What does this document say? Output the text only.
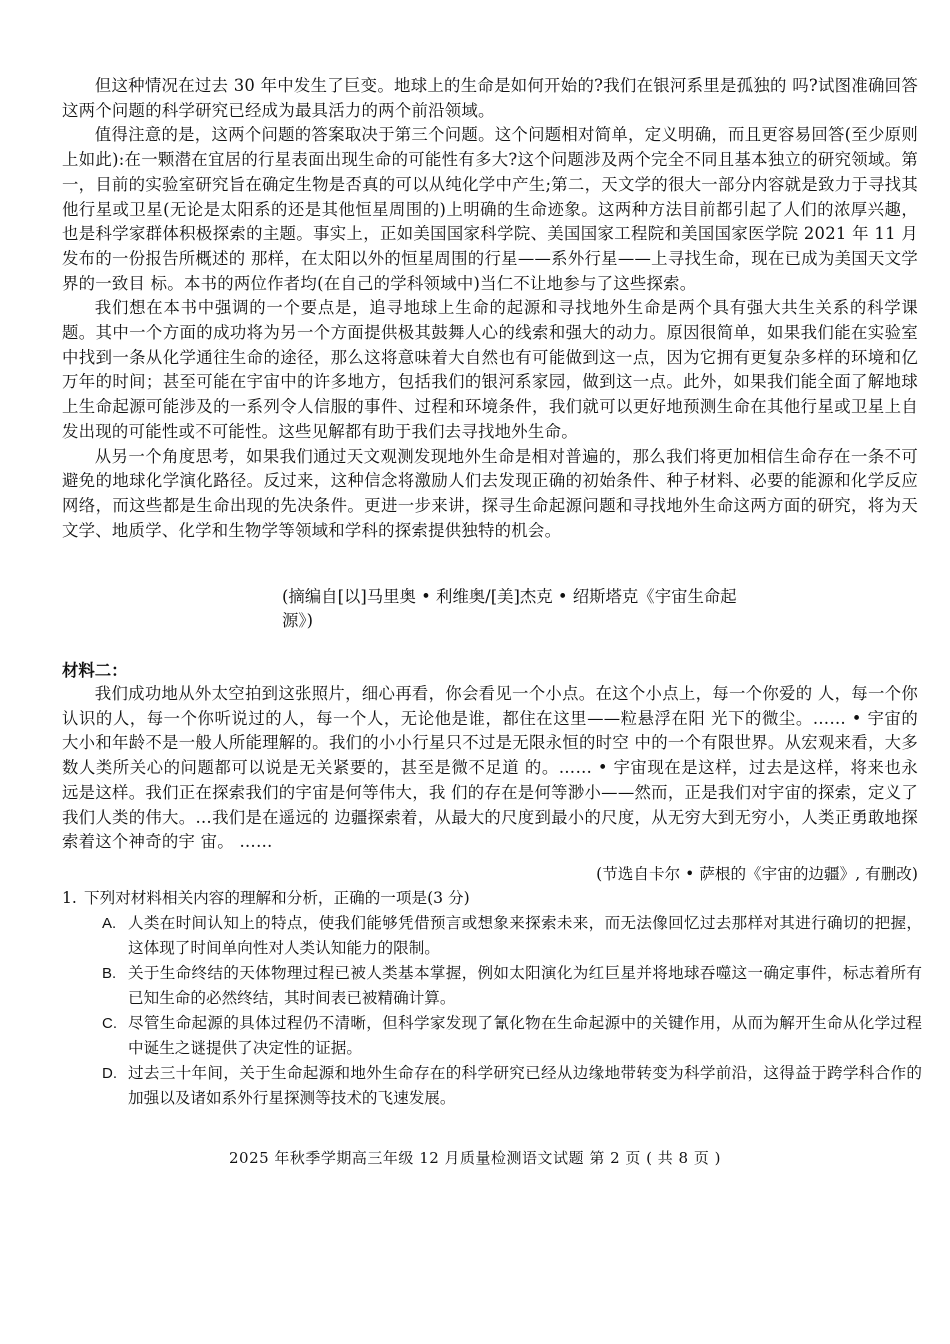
但这种情况在过去 30 年中发生了巨变。地球上的生命是如何开始的?我们在银河系里是孤独的 吗?试图准确回答这两个问题的科学研究已经成为最具活力的两个前沿领域。

值得注意的是，这两个问题的答案取决于第三个问题。这个问题相对简单，定义明确，而且更容易回答(至少原则上如此):在一颗潜在宜居的行星表面出现生命的可能性有多大?这个问题涉及两个完全不同且基本独立的研究领域。第一，目前的实验室研究旨在确定生物是否真的可以从纯化学中产生;第二，天文学的很大一部分内容就是致力于寻找其他行星或卫星(无论是太阳系的还是其他恒星周围的)上明确的生命迹象。这两种方法目前都引起了人们的浓厚兴趣，也是科学家群体积极探索的主题。事实上，正如美国国家科学院、美国国家工程院和美国国家医学院 2021 年 11 月发布的一份报告所概述的 那样，在太阳以外的恒星周围的行星——系外行星——上寻找生命，现在已成为美国天文学界的一致目 标。本书的两位作者均(在自己的学科领域中)当仁不让地参与了这些探索。

我们想在本书中强调的一个要点是，追寻地球上生命的起源和寻找地外生命是两个具有强大共生关系的科学课题。其中一个方面的成功将为另一个方面提供极其鼓舞人心的线索和强大的动力。原因很简单，如果我们能在实验室中找到一条从化学通往生命的途径，那么这将意味着大自然也有可能做到这一点，因为它拥有更复杂多样的环境和亿万年的时间；甚至可能在宇宙中的许多地方，包括我们的银河系家园，做到这一点。此外，如果我们能全面了解地球上生命起源可能涉及的一系列令人信服的事件、过程和环境条件，我们就可以更好地预测生命在其他行星或卫星上自发出现的可能性或不可能性。这些见解都有助于我们去寻找地外生命。

从另一个角度思考，如果我们通过天文观测发现地外生命是相对普遍的，那么我们将更加相信生命存在一条不可避免的地球化学演化路径。反过来，这种信念将激励人们去发现正确的初始条件、种子材料、必要的能源和化学反应网络，而这些都是生命出现的先决条件。更进一步来讲，探寻生命起源问题和寻找地外生命这两方面的研究，将为天文学、地质学、化学和生物学等领域和学科的探索提供独特的机会。

(摘编自[以]马里奥 • 利维奥/[美]杰克 • 绍斯塔克《宇宙生命起
源》)
材料二：

我们成功地从外太空拍到这张照片，细心再看，你会看见一个小点。在这个小点上，每一个你爱的 人，每一个你认识的人，每一个你听说过的人，每一个人，无论他是谁，都住在这里——粒悬浮在阳 光下的微尘。…… • 宇宙的大小和年龄不是一般人所能理解的。我们的小小行星只不过是无限永恒的时空 中的一个有限世界。从宏观来看，大多数人类所关心的问题都可以说是无关紧要的，甚至是微不足道 的。…… • 宇宙现在是这样，过去是这样，将来也永远是这样。我们正在探索我们的宇宙是何等伟大，我 们的存在是何等渺小——然而，正是我们对宇宙的探索，定义了我们人类的伟大。…我们是在遥远的 边疆探索着，从最大的尺度到最小的尺度，从无穷大到无穷小，人类正勇敢地探索着这个神奇的宇 宙。 ……

(节选自卡尔 • 萨根的《宇宙的边疆》, 有删改)

1. 下列对材料相关内容的理解和分析，正确的一项是(3 分)

A. 人类在时间认知上的特点，使我们能够凭借预言或想象来探索未来，而无法像回忆过去那样对其进行确切的把握，这体现了时间单向性对人类认知能力的限制。

B. 关于生命终结的天体物理过程已被人类基本掌握，例如太阳演化为红巨星并将地球吞噬这一确定事件，标志着所有已知生命的必然终结，其时间表已被精确计算。

C. 尽管生命起源的具体过程仍不清晰，但科学家发现了氰化物在生命起源中的关键作用，从而为解开生命从化学过程中诞生之谜提供了决定性的证据。

D. 过去三十年间，关于生命起源和地外生命存在的科学研究已经从边缘地带转变为科学前沿，这得益于跨学科合作的加强以及诸如系外行星探测等技术的飞速发展。

2025 年秋季学期高三年级 12 月质量检测语文试题 第 2 页 ( 共 8 页 )
